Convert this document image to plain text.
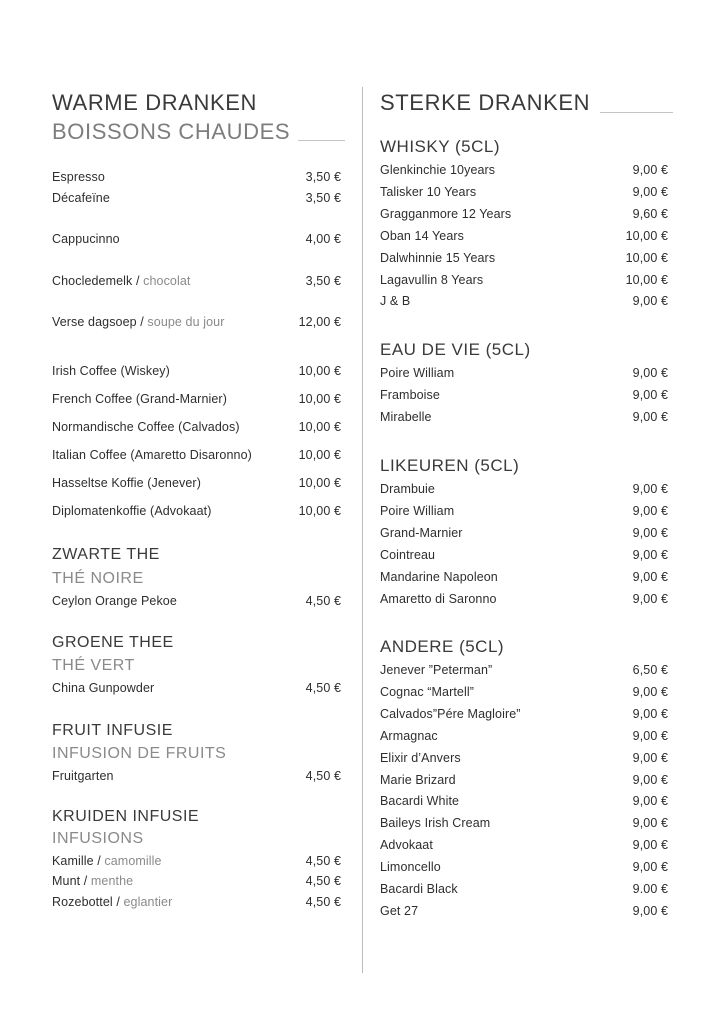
WARME DRANKEN
BOISSONS CHAUDES
Espresso	3,50 €
Décafeïne	3,50 €
Cappucinno	4,00 €
Chocledemelk / chocolat	3,50 €
Verse dagsoep / soupe du jour	12,00 €
Irish Coffee (Wiskey)	10,00 €
French Coffee (Grand-Marnier)	10,00 €
Normandische Coffee (Calvados)	10,00 €
Italian Coffee (Amaretto Disaronno)	10,00 €
Hasseltse Koffie (Jenever)	10,00 €
Diplomatenkoffie (Advokaat)	10,00 €
ZWARTE THE
THÉ NOIRE
Ceylon Orange Pekoe	4,50 €
GROENE THEE
THÉ VERT
China Gunpowder	4,50 €
FRUIT INFUSIE
INFUSION DE FRUITS
Fruitgarten	4,50 €
KRUIDEN INFUSIE
INFUSIONS
Kamille / camomille	4,50 €
Munt / menthe	4,50 €
Rozebottel / eglantier	4,50 €
STERKE DRANKEN
WHISKY (5CL)
Glenkinchie 10years	9,00 €
Talisker 10 Years	9,00 €
Gragganmore 12 Years	9,60 €
Oban 14 Years	10,00 €
Dalwhinnie 15 Years	10,00 €
Lagavullin 8 Years	10,00 €
J & B	9,00 €
EAU DE VIE (5CL)
Poire William	9,00 €
Framboise	9,00 €
Mirabelle	9,00 €
LIKEUREN (5CL)
Drambuie	9,00 €
Poire William	9,00 €
Grand-Marnier	9,00 €
Cointreau	9,00 €
Mandarine Napoleon	9,00 €
Amaretto di Saronno	9,00 €
ANDERE (5CL)
Jenever ”Peterman”	6,50 €
Cognac “Martell”	9,00 €
Calvados”Pére Magloire”	9,00 €
Armagnac	9,00 €
Elixir d’Anvers	9,00 €
Marie Brizard	9,00 €
Bacardi White	9,00 €
Baileys Irish Cream	9,00 €
Advokaat	9,00 €
Limoncello	9,00 €
Bacardi Black	9.00 €
Get 27	9,00 €
